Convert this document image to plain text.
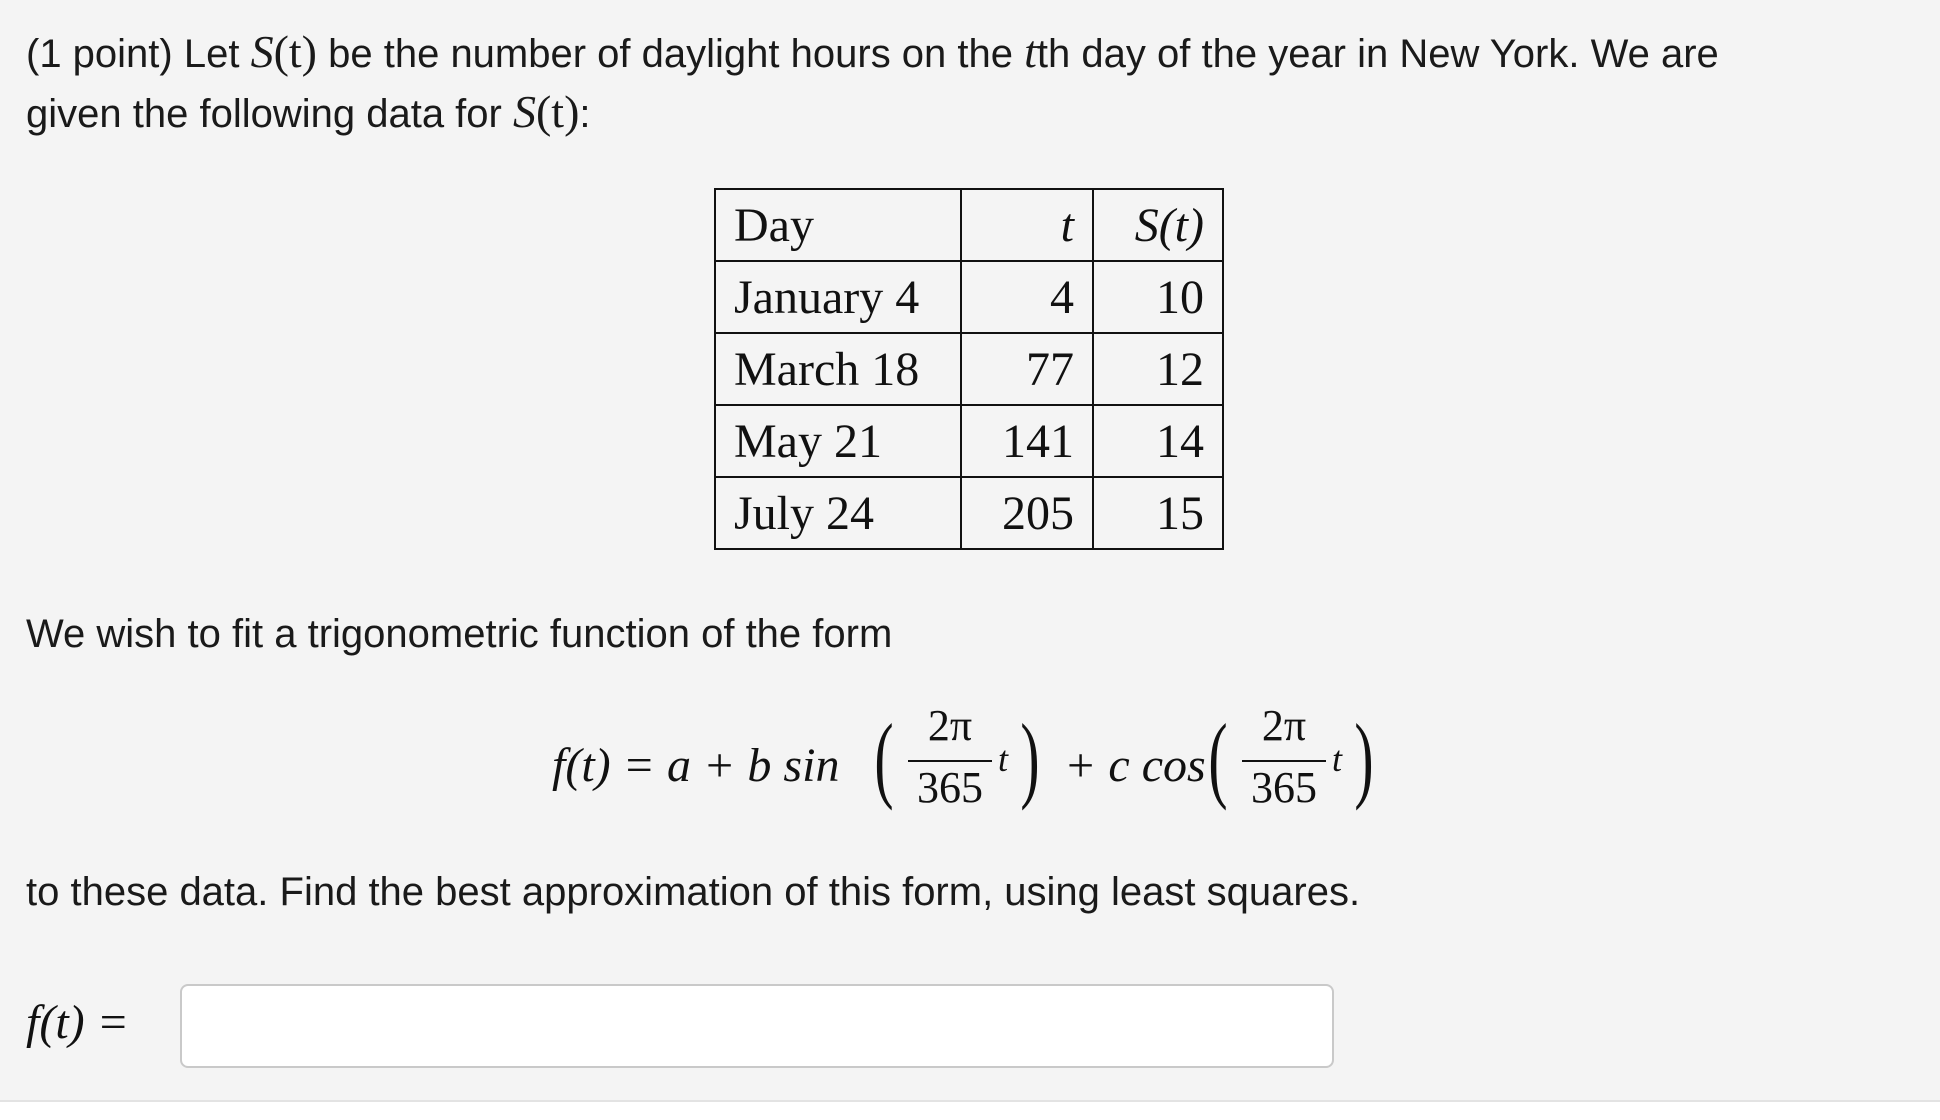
(1 point) Let S(t) be the number of daylight hours on the tth day of the year in New York. We are

given the following data for S(t):

Day	t	S(t)
January 4	4	10
March 18	77	12
May 21	141	14
July 24	205	15

We wish to fit a trigonometric function of the form

f(t) = a + b sin ( 2π
365
t ) + c cos ( 2π
365
t )

to these data. Find the best approximation of this form, using least squares.

f(t) =
